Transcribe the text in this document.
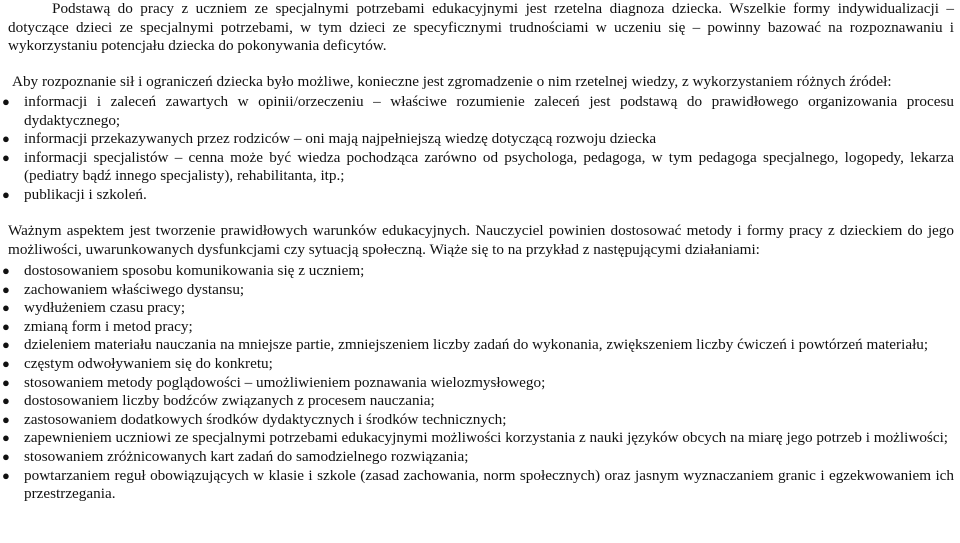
Podstawą do pracy z uczniem ze specjalnymi potrzebami edukacyjnymi jest rzetelna diagnoza dziecka. Wszelkie formy indywidualizacji – dotyczące dzieci ze specjalnymi potrzebami, w tym dzieci ze specyficznymi trudnościami w uczeniu się – powinny bazować na rozpoznawaniu i wykorzystaniu potencjału dziecka do pokonywania deficytów.

Aby rozpoznanie sił i ograniczeń dziecka było możliwe, konieczne jest zgromadzenie o nim rzetelnej wiedzy, z wykorzystaniem różnych źródeł:

● informacji i zaleceń zawartych w opinii/orzeczeniu – właściwe rozumienie zaleceń jest podstawą do prawidłowego organizowania procesu dydaktycznego;
● informacji przekazywanych przez rodziców – oni mają najpełniejszą wiedzę dotyczącą rozwoju dziecka
● informacji specjalistów – cenna może być wiedza pochodząca zarówno od psychologa, pedagoga, w tym pedagoga specjalnego, logopedy, lekarza (pediatry bądź innego specjalisty), rehabilitanta, itp.;
● publikacji i szkoleń.

Ważnym aspektem jest tworzenie prawidłowych warunków edukacyjnych. Nauczyciel powinien dostosować metody i formy pracy z dzieckiem do jego możliwości, uwarunkowanych dysfunkcjami czy sytuacją społeczną. Wiąże się to na przykład z następującymi działaniami:

● dostosowaniem sposobu komunikowania się z uczniem;
● zachowaniem właściwego dystansu;
● wydłużeniem czasu pracy;
● zmianą form i metod pracy;
● dzieleniem materiału nauczania na mniejsze partie, zmniejszeniem liczby zadań do wykonania, zwiększeniem liczby ćwiczeń i powtórzeń materiału;
● częstym odwoływaniem się do konkretu;
● stosowaniem metody poglądowości – umożliwieniem poznawania wielozmysłowego;
● dostosowaniem liczby bodźców związanych z procesem nauczania;
● zastosowaniem dodatkowych środków dydaktycznych i środków technicznych;
● zapewnieniem uczniowi ze specjalnymi potrzebami edukacyjnymi możliwości korzystania z nauki języków obcych na miarę jego potrzeb i możliwości;
● stosowaniem zróżnicowanych kart zadań do samodzielnego rozwiązania;
● powtarzaniem reguł obowiązujących w klasie i szkole (zasad zachowania, norm społecznych) oraz jasnym wyznaczaniem granic i egzekwowaniem ich przestrzegania.
